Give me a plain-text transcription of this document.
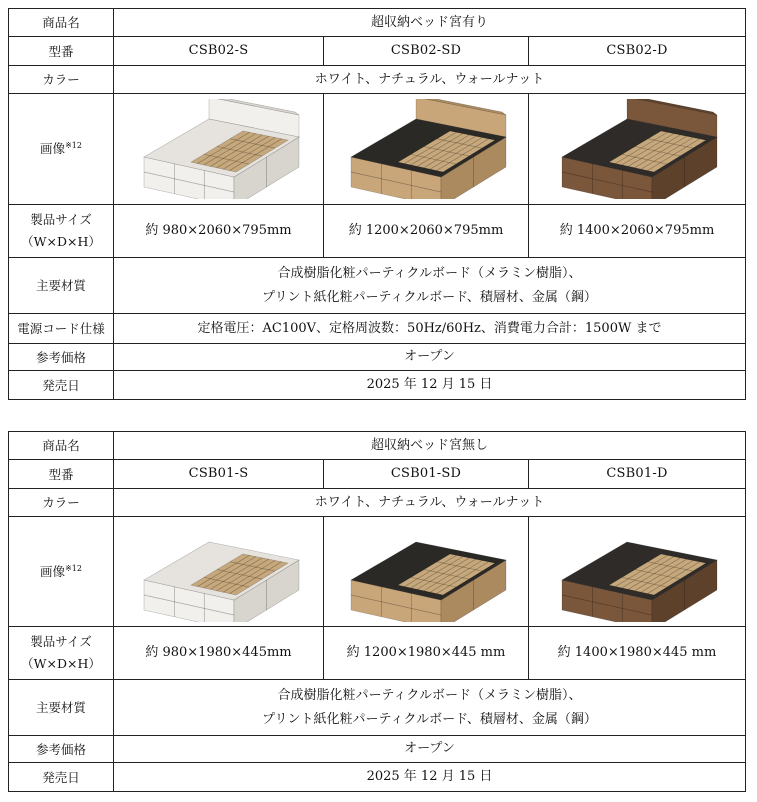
商品名	超収納ベッド宮有り		
型番	CSB02-S	CSB02-SD	CSB02-D
カラー	ホワイト、ナチュラル、ウォールナット		
画像$^{※12}$	

製品サイズ
（W×D×H）	約 980×2060×795mm	約 1200×2060×795mm	約 1400×2060×795mm
主要材質	合成樹脂化粧パーティクルボード（メラミン樹脂）、
プリント紙化粧パーティクルボード、積層材、金属（鋼）		

電源コード仕様	定格電圧：AC100V、定格周波数：50Hz/60Hz、消費電力合計：1500W まで		
参考価格	オープン		
発売日	2025 年 12 月 15 日		
商品名	超収納ベッド宮無し		
型番	CSB01-S	CSB01-SD	CSB01-D
カラー	ホワイト、ナチュラル、ウォールナット		
画像$^{※12}$	

製品サイズ
（W×D×H）	約 980×1980×445mm	約 1200×1980×445 mm	約 1400×1980×445 mm
主要材質	合成樹脂化粧パーティクルボード（メラミン樹脂）、
プリント紙化粧パーティクルボード、積層材、金属（鋼）		

参考価格	オープン		
発売日	2025 年 12 月 15 日		
